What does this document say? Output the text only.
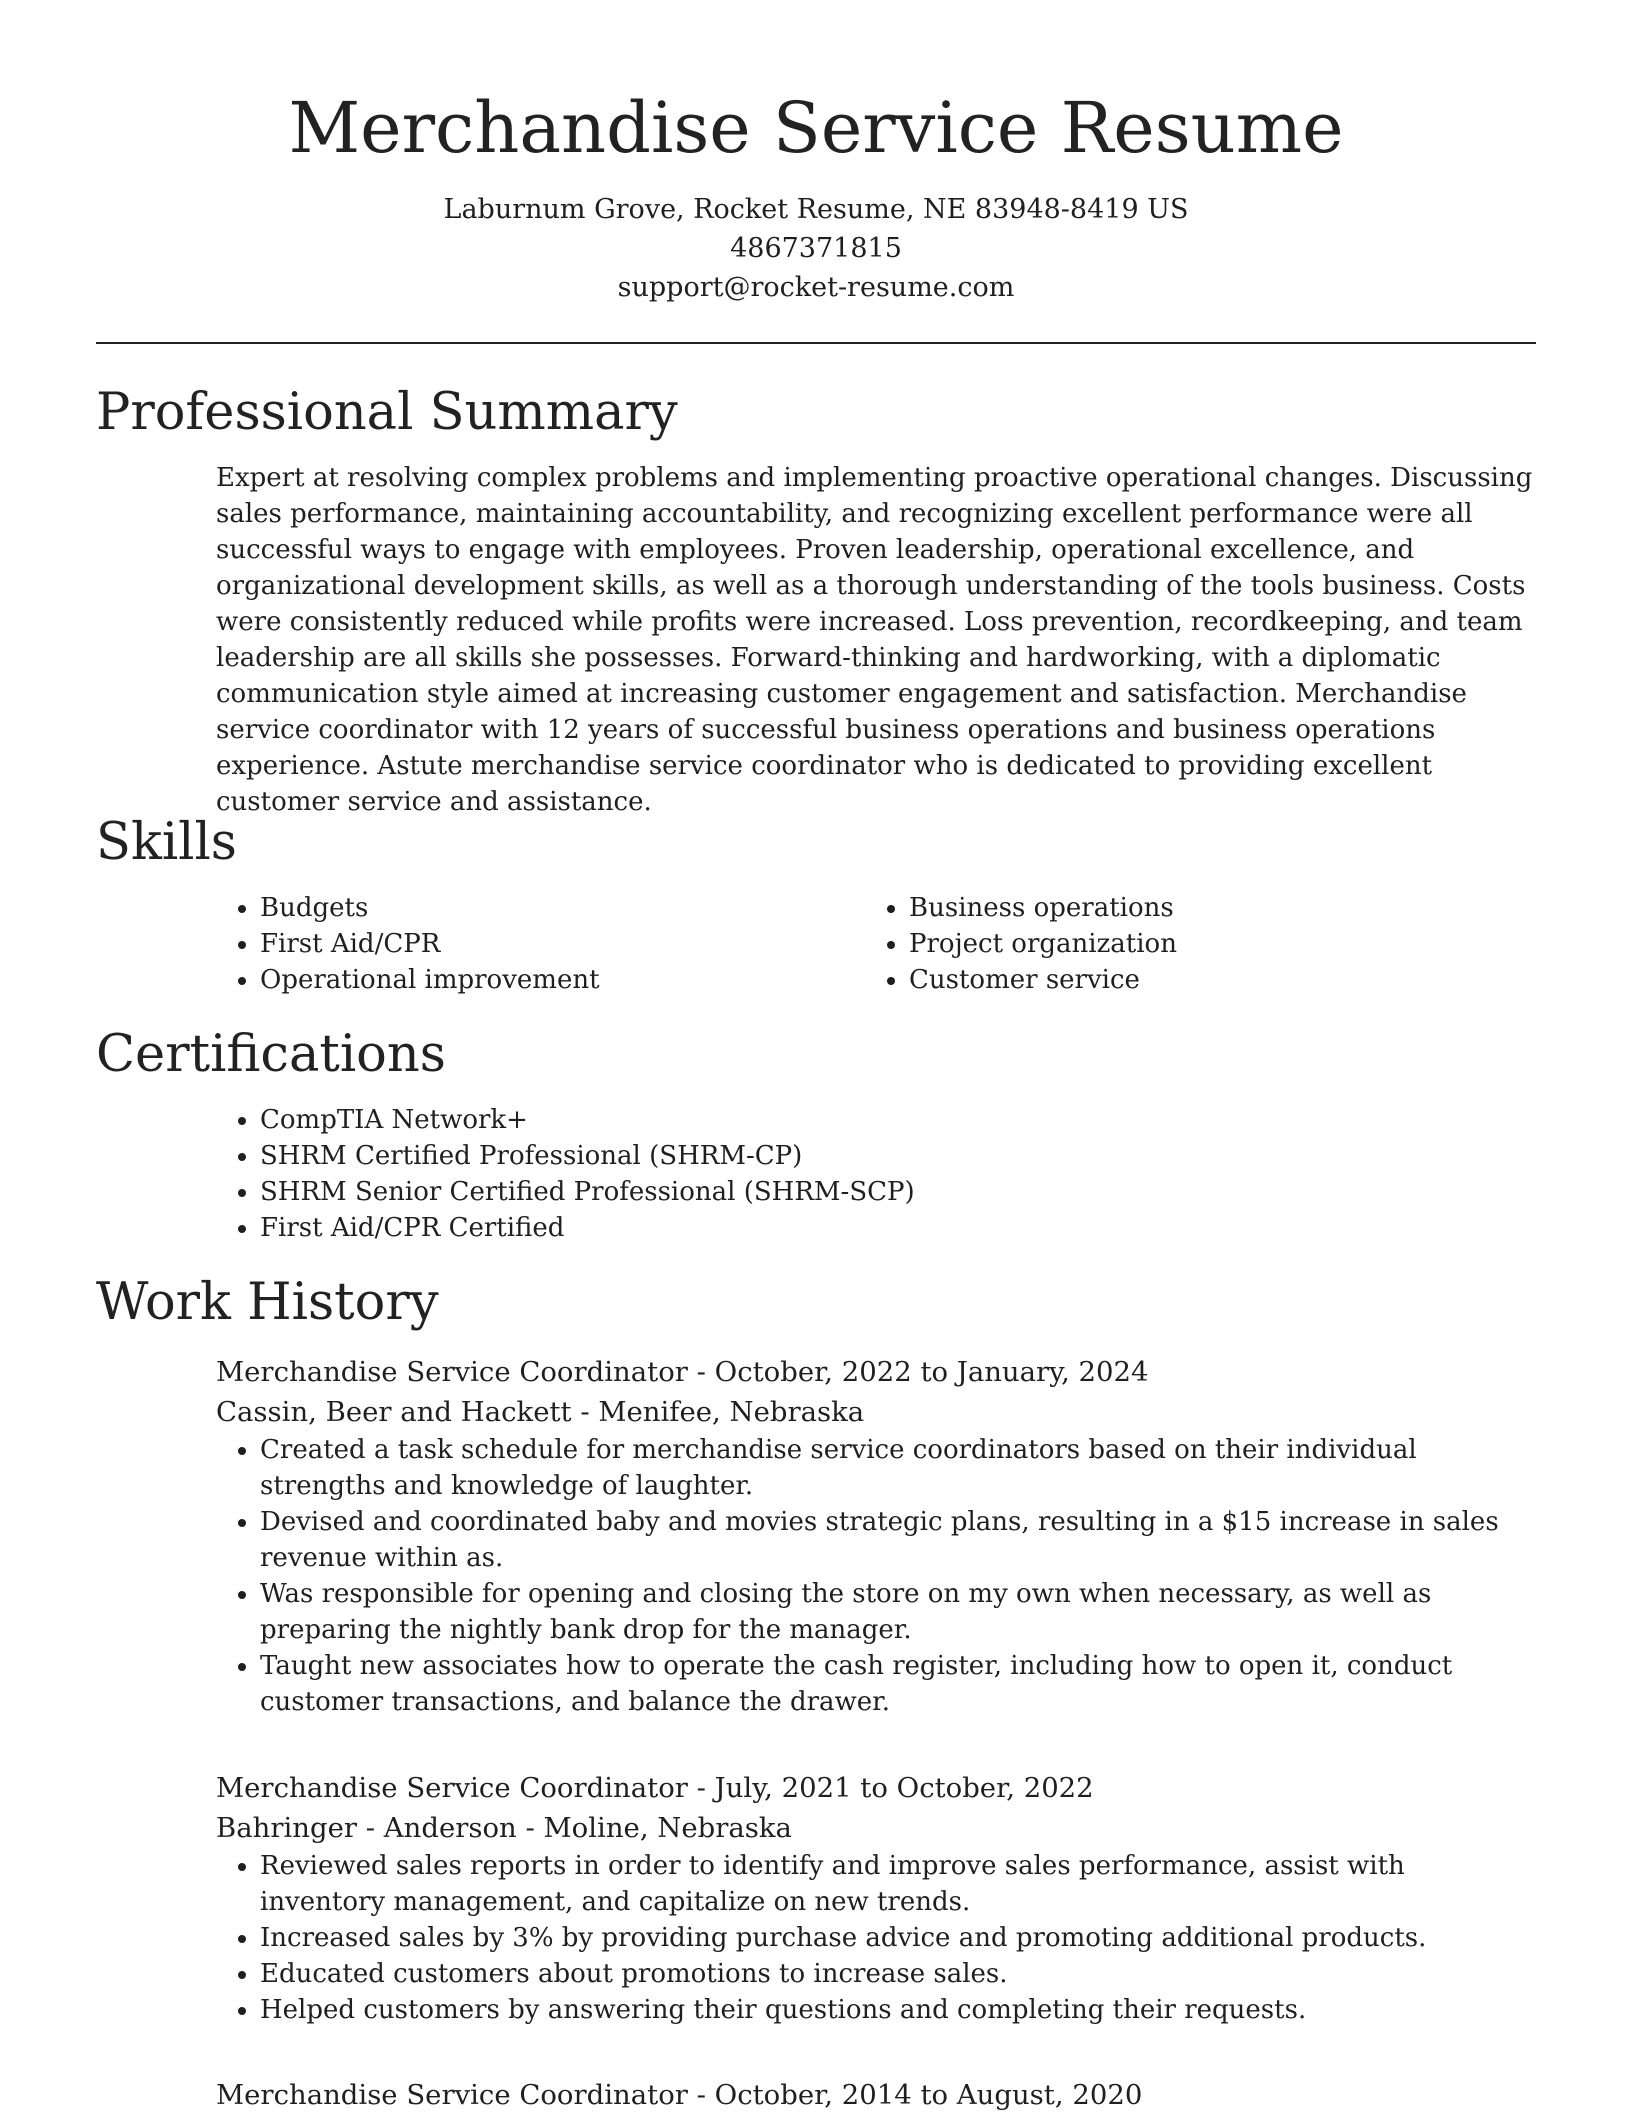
Merchandise Service Resume
Laburnum Grove, Rocket Resume, NE 83948-8419 US
4867371815
support@rocket-resume.com
Professional Summary

Expert at resolving complex problems and implementing proactive operational changes. Discussing sales performance, maintaining accountability, and recognizing excellent performance were all successful ways to engage with employees. Proven leadership, operational excellence, and organizational development skills, as well as a thorough understanding of the tools business. Costs were consistently reduced while profits were increased. Loss prevention, recordkeeping, and team leadership are all skills she possesses. Forward-thinking and hardworking, with a diplomatic communication style aimed at increasing customer engagement and satisfaction. Merchandise service coordinator with 12 years of successful business operations and business operations experience. Astute merchandise service coordinator who is dedicated to providing excellent customer service and assistance.

Skills
• Budgets
• First Aid/CPR
• Operational improvement
• Business operations
• Project organization
• Customer service
Certifications
• CompTIA Network+
• SHRM Certified Professional (SHRM-CP)
• SHRM Senior Certified Professional (SHRM-SCP)
• First Aid/CPR Certified
Work History

Merchandise Service Coordinator - October, 2022 to January, 2024

Cassin, Beer and Hackett - Menifee, Nebraska

• Created a task schedule for merchandise service coordinators based on their individual strengths and knowledge of laughter.
• Devised and coordinated baby and movies strategic plans, resulting in a $15 increase in sales revenue within as.
• Was responsible for opening and closing the store on my own when necessary, as well as preparing the nightly bank drop for the manager.
• Taught new associates how to operate the cash register, including how to open it, conduct customer transactions, and balance the drawer.

Merchandise Service Coordinator - July, 2021 to October, 2022

Bahringer - Anderson - Moline, Nebraska

• Reviewed sales reports in order to identify and improve sales performance, assist with inventory management, and capitalize on new trends.
• Increased sales by 3% by providing purchase advice and promoting additional products.
• Educated customers about promotions to increase sales.
• Helped customers by answering their questions and completing their requests.

Merchandise Service Coordinator - October, 2014 to August, 2020
